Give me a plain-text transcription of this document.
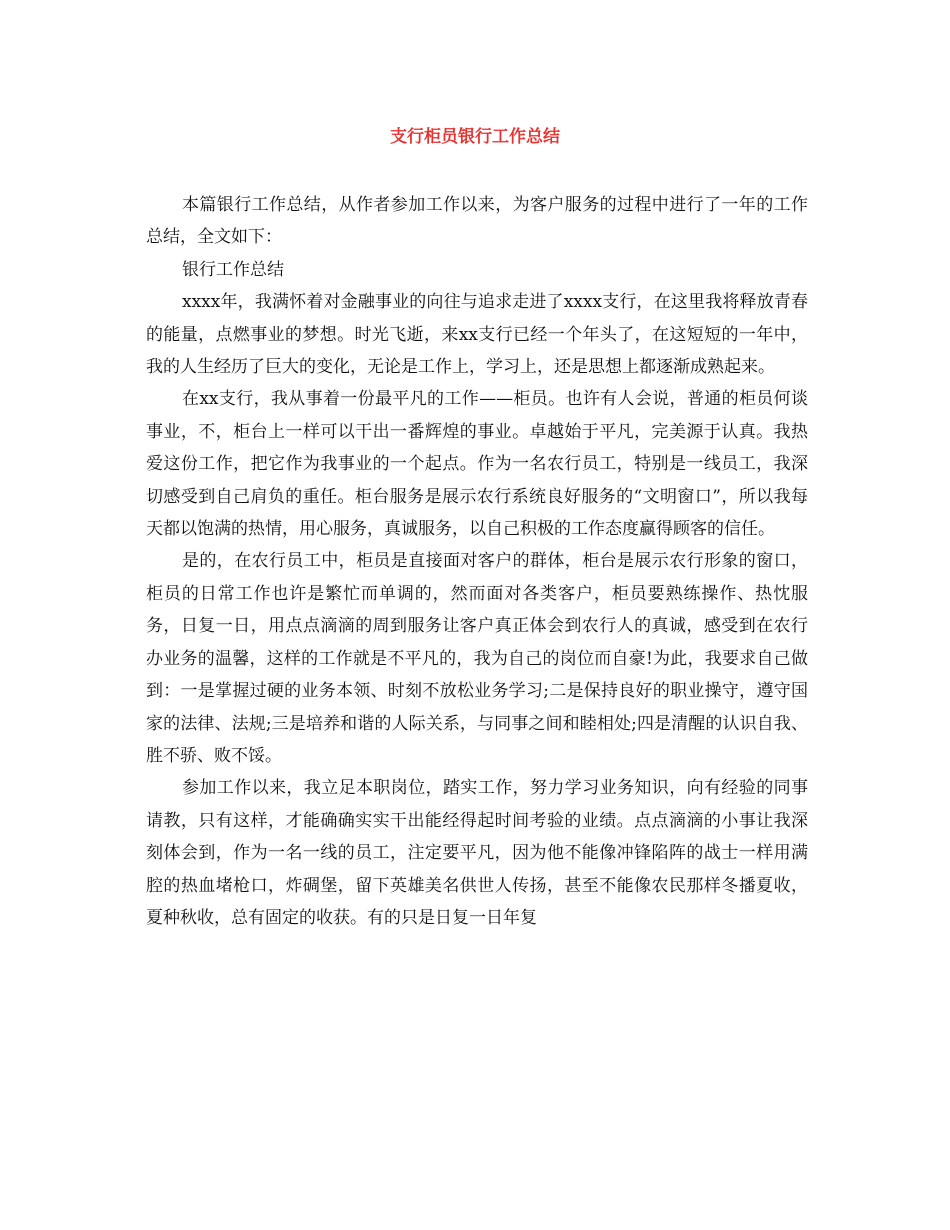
支行柜员银行工作总结

本篇银行工作总结，从作者参加工作以来，为客户服务的过程中进行了一年的工作总结，全文如下：

银行工作总结

xxxx年，我满怀着对金融事业的向往与追求走进了xxxx支行，在这里我将释放青春的能量，点燃事业的梦想。时光飞逝，来xx支行已经一个年头了，在这短短的一年中，我的人生经历了巨大的变化，无论是工作上，学习上，还是思想上都逐渐成熟起来。

在xx支行，我从事着一份最平凡的工作——柜员。也许有人会说，普通的柜员何谈事业，不，柜台上一样可以干出一番辉煌的事业。卓越始于平凡，完美源于认真。我热爱这份工作，把它作为我事业的一个起点。作为一名农行员工，特别是一线员工，我深切感受到自己肩负的重任。柜台服务是展示农行系统良好服务的“文明窗口”，所以我每天都以饱满的热情，用心服务，真诚服务，以自己积极的工作态度赢得顾客的信任。

是的，在农行员工中，柜员是直接面对客户的群体，柜台是展示农行形象的窗口，柜员的日常工作也许是繁忙而单调的，然而面对各类客户，柜员要熟练操作、热忱服务，日复一日，用点点滴滴的周到服务让客户真正体会到农行人的真诚，感受到在农行办业务的温馨，这样的工作就是不平凡的，我为自己的岗位而自豪!为此，我要求自己做到：一是掌握过硬的业务本领、时刻不放松业务学习;二是保持良好的职业操守，遵守国家的法律、法规;三是培养和谐的人际关系，与同事之间和睦相处;四是清醒的认识自我、胜不骄、败不馁。

参加工作以来，我立足本职岗位，踏实工作，努力学习业务知识，向有经验的同事请教，只有这样，才能确确实实干出能经得起时间考验的业绩。点点滴滴的小事让我深刻体会到，作为一名一线的员工，注定要平凡，因为他不能像冲锋陷阵的战士一样用满腔的热血堵枪口，炸碉堡，留下英雄美名供世人传扬，甚至不能像农民那样冬播夏收，夏种秋收，总有固定的收获。有的只是日复一日年复
